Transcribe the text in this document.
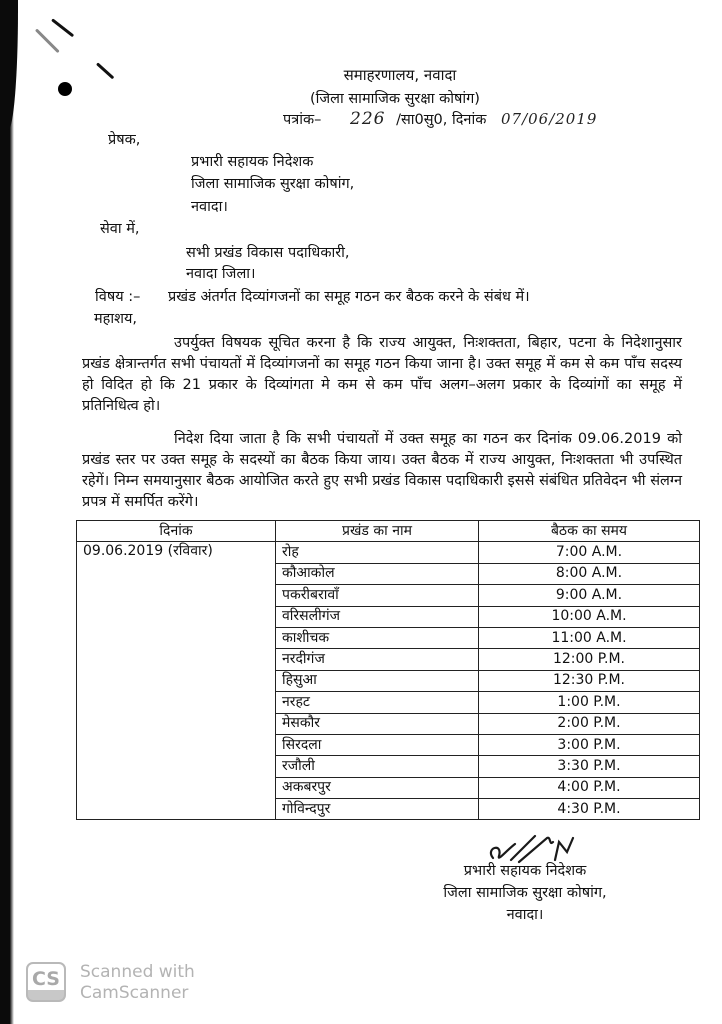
समाहरणालय, नवादा
(जिला सामाजिक सुरक्षा कोषांग)
पत्रांक– 226 /सा0सु0, दिनांक 07/06/2019
प्रेषक,
प्रभारी सहायक निदेशक
जिला सामाजिक सुरक्षा कोषांग,
नवादा।
सेवा में,
सभी प्रखंड विकास पदाधिकारी,
नवादा जिला।
विषय :– प्रखंड अंतर्गत दिव्यांगजनों का समूह गठन कर बैठक करने के संबंध में।
महाशय,
उपर्युक्त विषयक सूचित करना है कि राज्य आयुक्त, निःशक्तता, बिहार, पटना के निदेशानुसार प्रखंड क्षेत्रान्तर्गत सभी पंचायतों में दिव्यांगजनों का समूह गठन किया जाना है। उक्त समूह में कम से कम पाँच सदस्य हो विदित हो कि 21 प्रकार के दिव्यांगता मे कम से कम पाँच अलग–अलग प्रकार के दिव्यांगों का समूह में प्रतिनिधित्व हो।
निदेश दिया जाता है कि सभी पंचायतों में उक्त समूह का गठन कर दिनांक 09.06.2019 को प्रखंड स्तर पर उक्त समूह के सदस्यों का बैठक किया जाय। उक्त बैठक में राज्य आयुक्त, निःशक्तता भी उपस्थित रहेगें। निम्न समयानुसार बैठक आयोजित करते हुए सभी प्रखंड विकास पदाधिकारी इससे संबंधित प्रतिवेदन भी संलग्न प्रपत्र में समर्पित करेंगे।
दिनांक	प्रखंड का नाम	बैठक का समय
09.06.2019 (रविवार)	रोह	7:00 A.M.
	कौआकोल	8:00 A.M.
	पकरीबरावाँ	9:00 A.M.
	वरिसलीगंज	10:00 A.M.
	काशीचक	11:00 A.M.
	नरदीगंज	12:00 P.M.
	हिसुआ	12:30 P.M.
	नरहट	1:00 P.M.
	मेसकौर	2:00 P.M.
	सिरदला	3:00 P.M.
	रजौली	3:30 P.M.
	अकबरपुर	4:00 P.M.
	गोविन्दपुर	4:30 P.M.
प्रभारी सहायक निदेशक
जिला सामाजिक सुरक्षा कोषांग,
नवादा।
CS Scanned with
CamScanner
